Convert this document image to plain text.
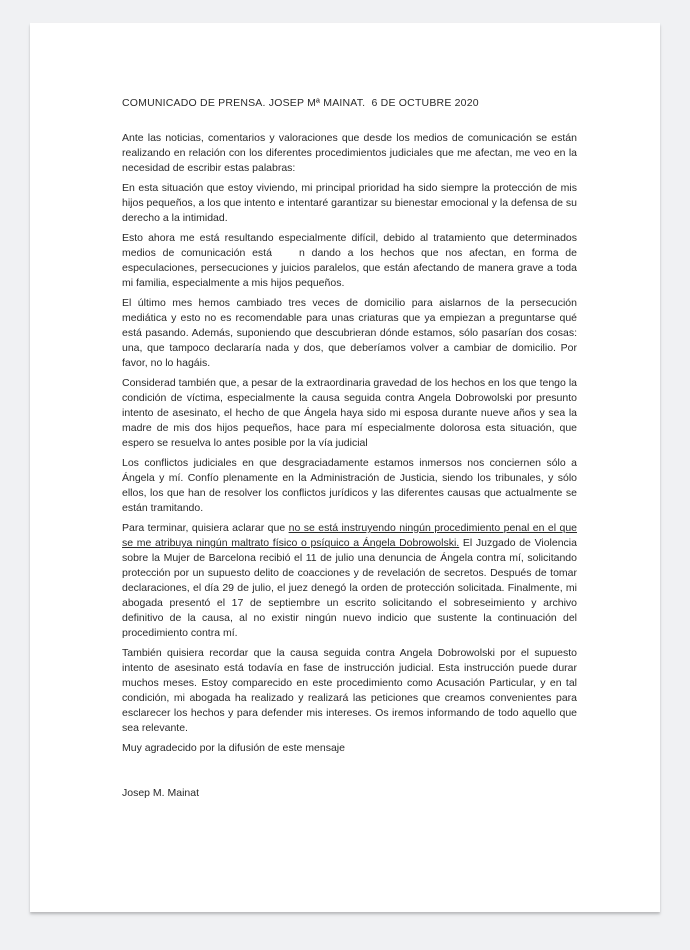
COMUNICADO DE PRENSA. JOSEP Mª MAINAT.  6 DE OCTUBRE 2020

Ante las noticias, comentarios y valoraciones que desde los medios de comunicación se están realizando en relación con los diferentes procedimientos judiciales que me afectan, me veo en la necesidad de escribir estas palabras:

En esta situación que estoy viviendo, mi principal prioridad ha sido siempre la protección de mis hijos pequeños, a los que intento e intentaré garantizar su bienestar emocional y la defensa de su derecho a la intimidad.

Esto ahora me está resultando especialmente difícil, debido al tratamiento que determinados medios de comunicación está    n dando a los hechos que nos afectan, en forma de especulaciones, persecuciones y juicios paralelos, que están afectando de manera grave a toda mi familia, especialmente a mis hijos pequeños.

El último mes hemos cambiado tres veces de domicilio para aislarnos de la persecución mediática y esto no es recomendable para unas criaturas que ya empiezan a preguntarse qué está pasando. Además, suponiendo que descubrieran dónde estamos, sólo pasarían dos cosas: una, que tampoco declararía nada y dos, que deberíamos volver a cambiar de domicilio. Por favor, no lo hagáis.

Considerad también que, a pesar de la extraordinaria gravedad de los hechos en los que tengo la condición de víctima, especialmente la causa seguida contra Angela Dobrowolski por presunto intento de asesinato, el hecho de que Ángela haya sido mi esposa durante nueve años y sea la madre de mis dos hijos pequeños, hace para mí especialmente dolorosa esta situación, que espero se resuelva lo antes posible por la vía judicial

Los conflictos judiciales en que desgraciadamente estamos inmersos nos conciernen sólo a Ángela y mí. Confío plenamente en la Administración de Justicia, siendo los tribunales, y sólo ellos, los que han de resolver los conflictos jurídicos y las diferentes causas que actualmente se están tramitando.

Para terminar, quisiera aclarar que no se está instruyendo ningún procedimiento penal en el que se me atribuya ningún maltrato físico o psíquico a Ángela Dobrowolski. El Juzgado de Violencia sobre la Mujer de Barcelona recibió el 11 de julio una denuncia de Ángela contra mí, solicitando protección por un supuesto delito de coacciones y de revelación de secretos. Después de tomar declaraciones, el día 29 de julio, el juez denegó la orden de protección solicitada. Finalmente, mi abogada presentó el 17 de septiembre un escrito solicitando el sobreseimiento y archivo definitivo de la causa, al no existir ningún nuevo indicio que sustente la continuación del procedimiento contra mí.

También quisiera recordar que la causa seguida contra Angela Dobrowolski por el supuesto intento de asesinato está todavía en fase de instrucción judicial. Esta instrucción puede durar muchos meses. Estoy comparecido en este procedimiento como Acusación Particular, y en tal condición, mi abogada ha realizado y realizará las peticiones que creamos convenientes para esclarecer los hechos y para defender mis intereses. Os iremos informando de todo aquello que sea relevante.

Muy agradecido por la difusión de este mensaje

Josep M. Mainat
